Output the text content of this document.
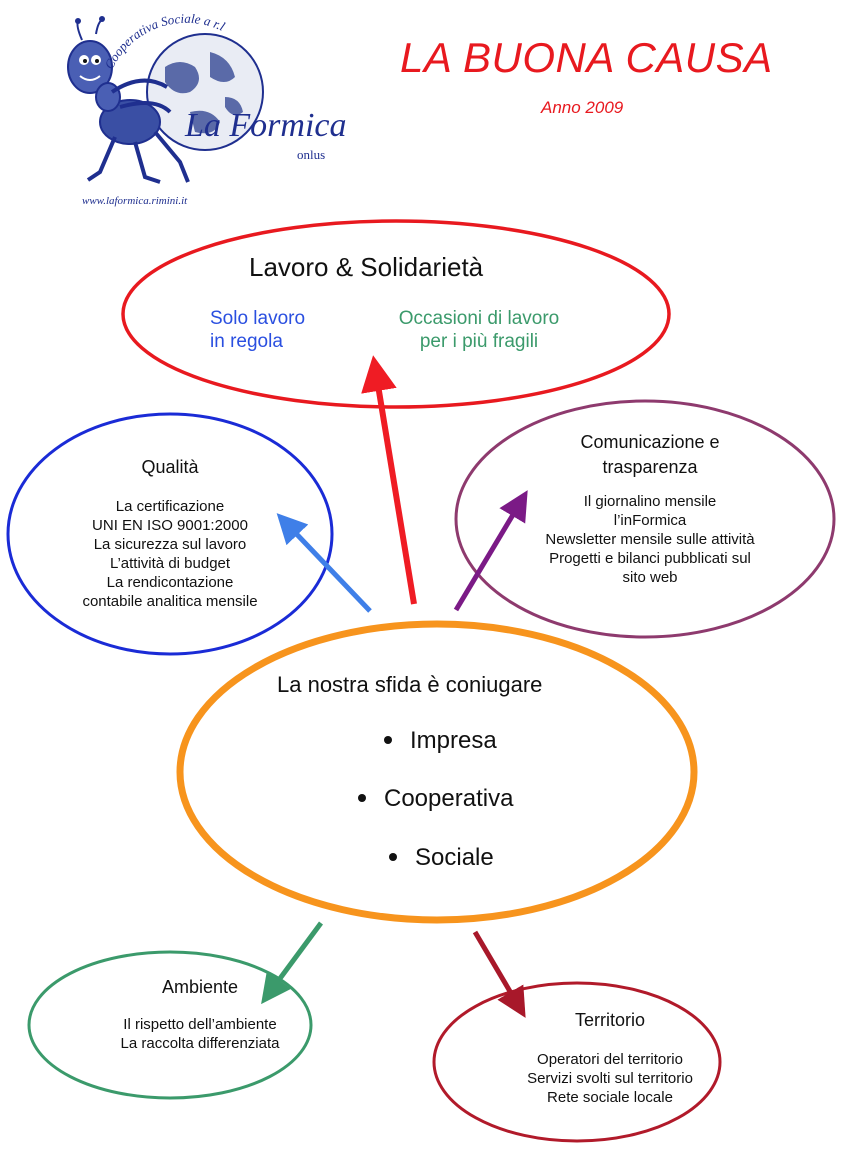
Cooperativa Sociale a r.l
La Formica
onlus
www.laformica.rimini.it
LA BUONA CAUSA
Anno 2009
Lavoro & Solidarietà
Solo lavoro
in regola
Occasioni di lavoro
per i più fragili
Qualità
La certificazione
UNI EN ISO 9001:2000
La sicurezza sul lavoro
L’attività di budget
La rendicontazione
contabile analitica mensile
Comunicazione e
trasparenza
Il giornalino mensile
l’inFormica
Newsletter mensile sulle attività
Progetti e bilanci pubblicati sul
sito web
La nostra sfida è coniugare
Impresa
Cooperativa
Sociale
Ambiente
Il rispetto dell’ambiente
La raccolta differenziata
Territorio
Operatori del territorio
Servizi svolti sul territorio
Rete sociale locale
